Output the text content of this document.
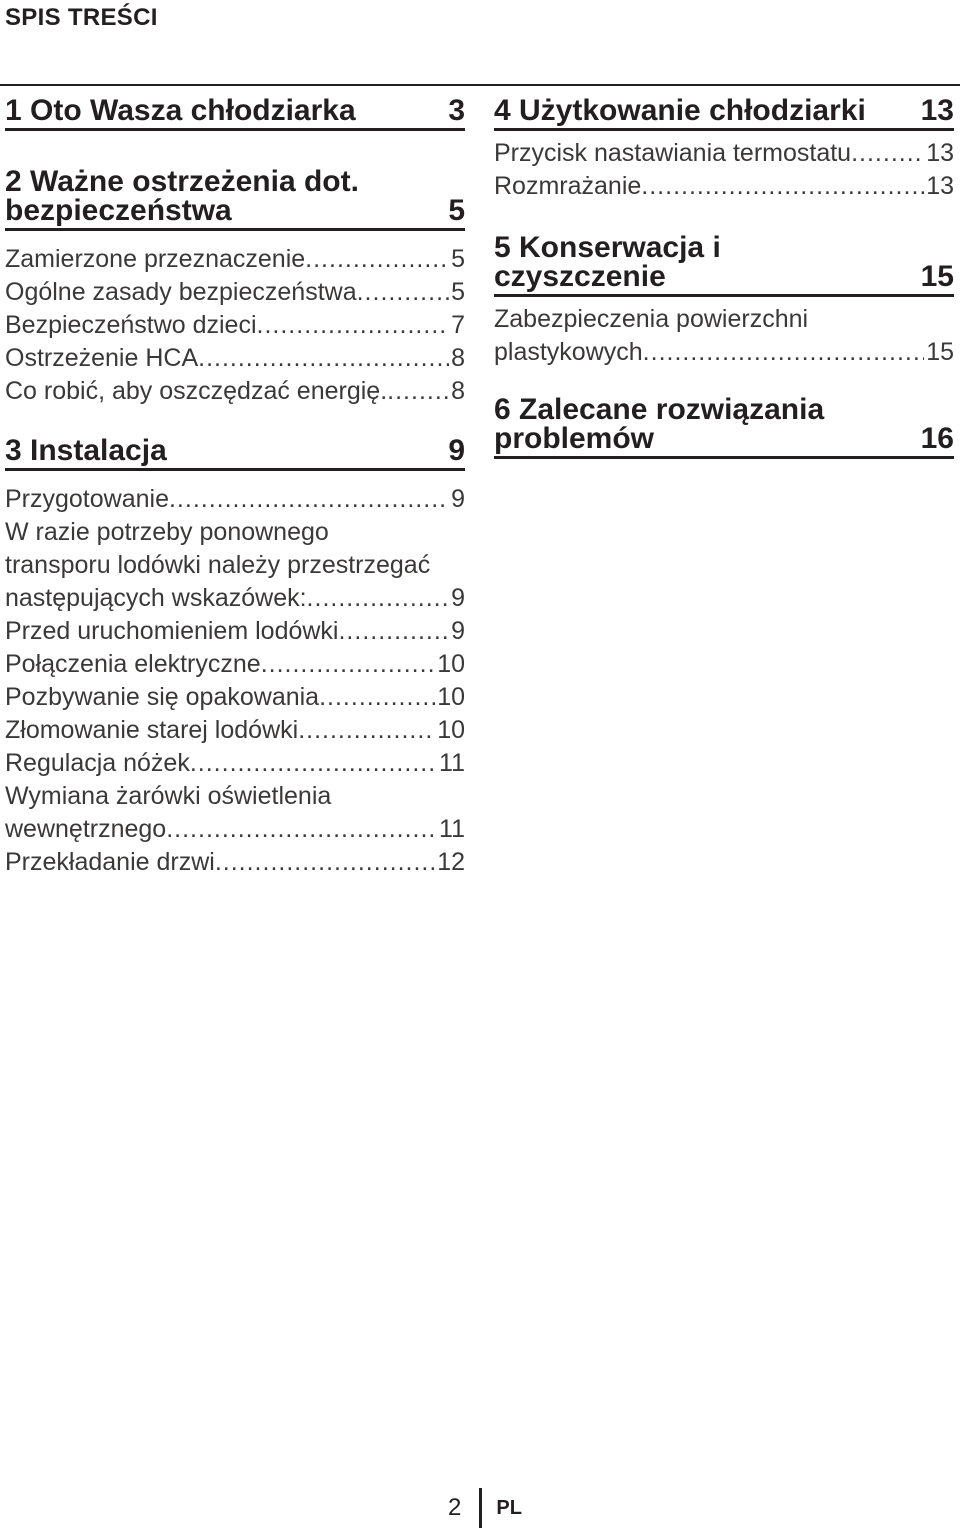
SPIS TREŚCI
1 Oto Wasza chłodziarka	3
2 Ważne ostrzeżenia dot.
bezpieczeństwa	5
Zamierzone przeznaczenie .....	5
Ogólne zasady bezpieczeństwa .....	5
Bezpieczeństwo dzieci .....	7
Ostrzeżenie HCA .....	8
Co robić, aby oszczędzać energię. .....	8
3 Instalacja	9
Przygotowanie .....	9
W razie potrzeby ponownego
transporu lodówki należy przestrzegać
następujących wskazówek: .....	9
Przed uruchomieniem lodówki .....	9
Połączenia elektryczne .....	10
Pozbywanie się opakowania .....	10
Złomowanie starej lodówki .....	10
Regulacja nóżek .....	11
Wymiana żarówki oświetlenia
wewnętrznego .....	11
Przekładanie drzwi .....	12
4 Użytkowanie chłodziarki 13
Przycisk nastawiania termostatu .....	13
Rozmrażanie .....	13
5 Konserwacja i
czyszczenie	15
Zabezpieczenia powierzchni
plastykowych .....	15
6 Zalecane rozwiązania
problemów	16
2 PL
